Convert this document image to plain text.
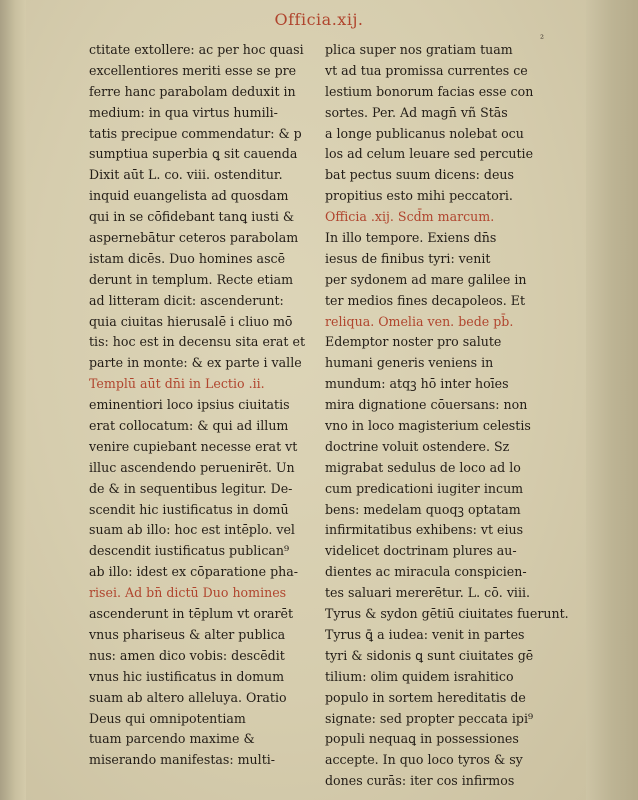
Officia.xij.
²
ctitate extollere: ac per hoc quasi
excellentiores meriti esse se pre
ferre hanc parabolam deduxit in
medium: in qua virtus humili-
tatis precipue commendatur: & p
sumptiua superbia ꝗ sit cauenda
Dixit aūt L. co. viii. ostenditur.
inquid euangelista ad quosdam
qui in se cōfidebant tanꝗ iusti &
aspernebātur ceteros parabolam
istam dicēs. Duo homines ascē
derunt in templum. Recte etiam
ad litteram dicit: ascenderunt:
quia ciuitas hierusalē i cliuo mō
tis: hoc est in decensu sita erat et
parte in monte: & ex parte i valle
Templū aūt dn̄i in Lectio .ii.
eminentiori loco ipsius ciuitatis
erat collocatum: & qui ad illum
venire cupiebant necesse erat vt
illuc ascendendo peruenirēt. Un
de & in sequentibus legitur. De-
scendit hic iustificatus in domū
suam ab illo: hoc est intēplo. vel
descendit iustificatus publican⁹
ab illo: idest ex cōparatione pha-
risei. Ad bn̄ dictū Duo homines
ascenderunt in tēplum vt orarēt
vnus phariseus & alter publica
nus: amen dico vobis: descēdit
vnus hic iustificatus in domum
suam ab altero alleluya. Oratio
Deus qui omnipotentiam
tuam parcendo maxime &
miserando manifestas: multi-
plica super nos gratiam tuam
vt ad tua promissa currentes ce
lestium bonorum facias esse con
sortes. Per. Ad magn̄ vñ Stās
a longe publicanus nolebat ocu
los ad celum leuare sed percutie
bat pectus suum dicens: deus
propitius esto mihi peccatori.
Officia .xij. Scd̄m marcum.
In illo tempore. Exiens dn̄s
iesus de finibus tyri: venit
per sydonem ad mare galilee in
ter medios fines decapoleos. Et
reliqua. Omelia ven. bede pb̄.
Edemptor noster pro salute
humani generis veniens in
mundum: atqꝫ hō inter hoīes
mira dignatione cōuersans: non
vno in loco magisterium celestis
doctrine voluit ostendere. Sz
migrabat sedulus de loco ad lo
cum predicationi iugiter incum
bens: medelam quoqꝫ optatam
infirmitatibus exhibens: vt eius
videlicet doctrinam plures au-
dientes ac miracula conspicien-
tes saluari mererētur. L. cō. viii.
Tyrus & sydon gētiū ciuitates fuerunt.
Tyrus ꝗ̄ a iudea: venit in partes
tyri & sidonis ꝗ sunt ciuitates gē
tilium: olim quidem israhitico
populo in sortem hereditatis de
signate: sed propter peccata ipi⁹
populi nequaꝗ in possessiones
accepte. In quo loco tyros & sy
dones curās: iter cos infirmos
